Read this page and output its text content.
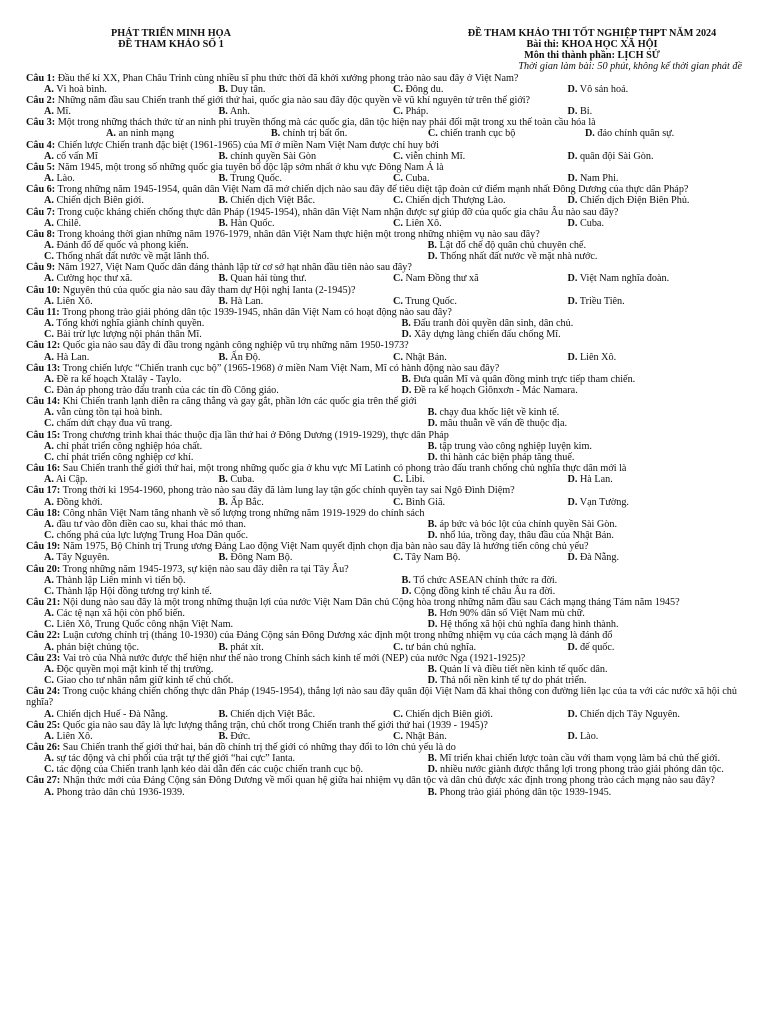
PHÁT TRIỂN MINH HỌA
ĐỀ THAM KHẢO SỐ 1
ĐỀ THAM KHẢO THI TỐT NGHIỆP THPT NĂM 2024
Bài thi: KHOA HỌC XÃ HỘI
Môn thi thành phần: LỊCH SỬ
Thời gian làm bài: 50 phút, không kể thời gian phát đề
Câu 1: Đầu thế kỉ XX, Phan Châu Trinh cùng nhiều sĩ phu thức thời đã khởi xướng phong trào nào sau đây ở Việt Nam?
A. Vì hoà bình.	B. Duy tân.	C. Đông du.	D. Vô sản hoá.
Câu 2: Những năm đầu sau Chiến tranh thế giới thứ hai, quốc gia nào sau đây độc quyền về vũ khí nguyên tử trên thế giới?
A. Mĩ.	B. Anh.	C. Pháp.	D. Bỉ.
Câu 3: Một trong những thách thức từ an ninh phi truyền thống mà các quốc gia, dân tộc hiện nay phải đối mặt trong xu thế toàn cầu hóa là
A. an ninh mạng	B. chính trị bất ổn.	C. chiến tranh cục bộ	D. đảo chính quân sự.
Câu 4: Chiến lược Chiến tranh đặc biệt (1961-1965) của Mĩ ở miền Nam Việt Nam được chỉ huy bởi
A. cố vấn Mĩ	B. chính quyền Sài Gòn	C. viễn chinh Mĩ.	D. quân đội Sài Gòn.
Câu 5: Năm 1945, một trong số những quốc gia tuyên bố độc lập sớm nhất ở khu vực Đông Nam Á là
A. Lào.	B. Trung Quốc.	C. Cuba.	D. Nam Phi.
Câu 6: Trong những năm 1945-1954, quân dân Việt Nam đã mở chiến dịch nào sau đây để tiêu diệt tập đoàn cứ điểm mạnh nhất Đông Dương của thực dân Pháp?
A. Chiến dịch Biên giới.	B. Chiến dịch Việt Bắc.	C. Chiến dịch Thượng Lào.	D. Chiến dịch Điện Biên Phủ.
Câu 7: Trong cuộc kháng chiến chống thực dân Pháp (1945-1954), nhân dân Việt Nam nhận được sự giúp đỡ của quốc gia châu Âu nào sau đây?
A. Chilê.	B. Hàn Quốc.	C. Liên Xô.	D. Cuba.
Câu 8: Trong khoảng thời gian những năm 1976-1979, nhân dân Việt Nam thực hiện một trong những nhiệm vụ nào sau đây?
A. Đánh đổ đế quốc và phong kiến.	B. Lật đổ chế độ quân chủ chuyên chế.
C. Thống nhất đất nước về mặt lãnh thổ.	D. Thống nhất đất nước về mặt nhà nước.
Câu 9: Năm 1927, Việt Nam Quốc dân đảng thành lập từ cơ sở hạt nhân đầu tiên nào sau đây?
A. Cường học thư xã.	B. Quan hải tùng thư.	C. Nam Đồng thư xã	D. Việt Nam nghĩa đoàn.
Câu 10: Nguyên thủ của quốc gia nào sau đây tham dự Hội nghị Ianta (2-1945)?
A. Liên Xô.	B. Hà Lan.	C. Trung Quốc.	D. Triều Tiên.
Câu 11: Trong phong trào giải phóng dân tộc 1939-1945, nhân dân Việt Nam có hoạt động nào sau đây?
A. Tổng khởi nghĩa giành chính quyền.	B. Đấu tranh đòi quyền dân sinh, dân chủ.
C. Bài trừ lực lượng nội phản thân Mĩ.	D. Xây dựng làng chiến đấu chống Mĩ.
Câu 12: Quốc gia nào sau đây đi đầu trong ngành công nghiệp vũ trụ những năm 1950-1973?
A. Hà Lan.	B. Ấn Độ.	C. Nhật Bản.	D. Liên Xô.
Câu 13: Trong chiến lược “Chiến tranh cục bộ” (1965-1968) ở miền Nam Việt Nam, Mĩ có hành động nào sau đây?
A. Đề ra kế hoạch Xtalây - Taylo.	B. Đưa quân Mĩ và quân đồng minh trực tiếp tham chiến.
C. Đàn áp phong trào đấu tranh của các tín đồ Công giáo.	D. Đề ra kế hoạch Giônxơn - Mác Namara.
Câu 14: Khi Chiến tranh lạnh diễn ra căng thẳng và gay gắt, phần lớn các quốc gia trên thế giới
A. vẫn cùng tồn tại hoà bình.	B. chạy đua khốc liệt về kinh tế.
C. chấm dứt chạy đua vũ trang.	D. mâu thuẫn về vấn đề thuộc địa.
Câu 15: Trong chương trình khai thác thuộc địa lần thứ hai ở Đông Dương (1919-1929), thực dân Pháp
A. chỉ phát triển công nghiệp hóa chất.	B. tập trung vào công nghiệp luyện kim.
C. chỉ phát triển công nghiệp cơ khí.	D. thi hành các biện pháp tăng thuế.
Câu 16: Sau Chiến tranh thế giới thứ hai, một trong những quốc gia ở khu vực Mĩ Latinh có phong trào đấu tranh chống chủ nghĩa thực dân mới là
A. Ai Cập.	B. Cuba.	C. Libi.	D. Hà Lan.
Câu 17: Trong thời kì 1954-1960, phong trào nào sau đây đã làm lung lay tận gốc chính quyền tay sai Ngô Đình Diệm?
A. Đồng khởi.	B. Ấp Bắc.	C. Bình Giã.	D. Vạn Tường.
Câu 18: Công nhân Việt Nam tăng nhanh về số lượng trong những năm 1919-1929 do chính sách
A. đầu tư vào đồn điền cao su, khai thác mỏ than.	B. áp bức và bóc lột của chính quyền Sài Gòn.
C. chống phá của lực lượng Trung Hoa Dân quốc.	D. nhổ lúa, trồng đay, thâu đầu của Nhật Bản.
Câu 19: Năm 1975, Bộ Chính trị Trung ương Đảng Lao động Việt Nam quyết định chọn địa bàn nào sau đây là hướng tiến công chủ yếu?
A. Tây Nguyên.	B. Đông Nam Bộ.	C. Tây Nam Bộ.	D. Đà Nẵng.
Câu 20: Trong những năm 1945-1973, sự kiện nào sau đây diễn ra tại Tây Âu?
A. Thành lập Liên minh vì tiến bộ.	B. Tổ chức ASEAN chính thức ra đời.
C. Thành lập Hội đồng tương trợ kinh tế.	D. Cộng đồng kinh tế châu Âu ra đời.
Câu 21: Nội dung nào sau đây là một trong những thuận lợi của nước Việt Nam Dân chủ Cộng hòa trong những năm đầu sau Cách mạng tháng Tám năm 1945?
A. Các tệ nạn xã hội còn phổ biến.	B. Hơn 90% dân số Việt Nam mù chữ.
C. Liên Xô, Trung Quốc công nhận Việt Nam.	D. Hệ thống xã hội chủ nghĩa đang hình thành.
Câu 22: Luận cương chính trị (tháng 10-1930) của Đảng Cộng sản Đông Dương xác định một trong những nhiệm vụ của cách mạng là đánh đổ
A. phản biệt chủng tộc.	B. phát xít.	C. tư bản chủ nghĩa.	D. đế quốc.
Câu 23: Vai trò của Nhà nước được thể hiện như thế nào trong Chính sách kinh tế mới (NEP) của nước Nga (1921-1925)?
A. Độc quyền mọi mặt kinh tế thị trường.	B. Quản lí và điều tiết nền kinh tế quốc dân.
C. Giao cho tư nhân nắm giữ kinh tế chủ chốt.	D. Thả nổi nền kinh tế tự do phát triển.
Câu 24: Trong cuộc kháng chiến chống thực dân Pháp (1945-1954), thắng lợi nào sau đây quân đội Việt Nam đã khai thông con đường liên lạc của ta với các nước xã hội chủ nghĩa?
A. Chiến dịch Huế - Đà Nẵng.	B. Chiến dịch Việt Bắc.	C. Chiến dịch Biên giới.	D. Chiến dịch Tây Nguyên.
Câu 25: Quốc gia nào sau đây là lực lượng thắng trận, chủ chốt trong Chiến tranh thế giới thứ hai (1939 - 1945)?
A. Liên Xô.	B. Đức.	C. Nhật Bản.	D. Lào.
Câu 26: Sau Chiến tranh thế giới thứ hai, bản đồ chính trị thế giới có những thay đổi to lớn chủ yếu là do
A. sự tác động và chi phối của trật tự thế giới “hai cực” Ianta.	B. Mĩ triển khai chiến lược toàn cầu với tham vọng làm bá chủ thế giới.
C. tác động của Chiến tranh lạnh kéo dài dẫn đến các cuộc chiến tranh cục bộ.	D. nhiều nước giành được thắng lợi trong phong trào giải phóng dân tộc.
Câu 27: Nhận thức mới của Đảng Cộng sản Đông Dương về mối quan hệ giữa hai nhiệm vụ dân tộc và dân chủ được xác định trong phong trào cách mạng nào sau đây?
A. Phong trào dân chủ 1936-1939.	B. Phong trào giải phóng dân tộc 1939-1945.
